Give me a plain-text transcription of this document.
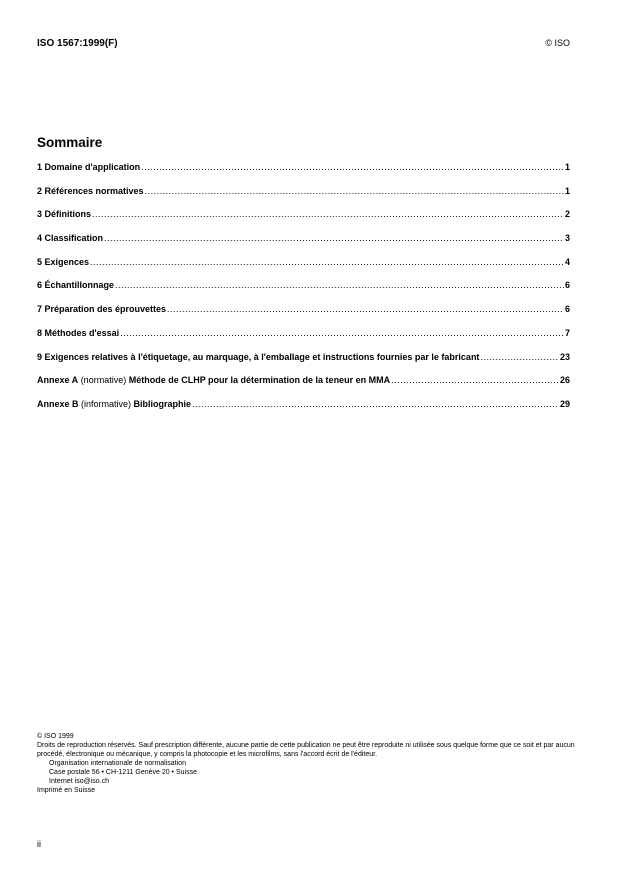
ISO 1567:1999(F)	© ISO
Sommaire
1 Domaine d'application .....	1
2 Références normatives .....	1
3 Définitions .....	2
4 Classification .....	3
5 Exigences .....	4
6 Échantillonnage .....	6
7 Préparation des éprouvettes .....	6
8 Méthodes d'essai .....	7
9 Exigences relatives à l'étiquetage, au marquage, à l'emballage et instructions fournies par le fabricant .....	23
Annexe A (normative) Méthode de CLHP pour la détermination de la teneur en MMA .....	26
Annexe B (informative) Bibliographie .....	29

© ISO 1999

Droits de reproduction réservés. Sauf prescription différente, aucune partie de cette publication ne peut être reproduite ni utilisée sous quelque forme que ce soit et par aucun procédé, électronique ou mécanique, y compris la photocopie et les microfilms, sans l'accord écrit de l'éditeur.

Organisation internationale de normalisation

Case postale 56 • CH-1211 Genève 20 • Suisse

Internet iso@iso.ch

Imprimé en Suisse

ii
